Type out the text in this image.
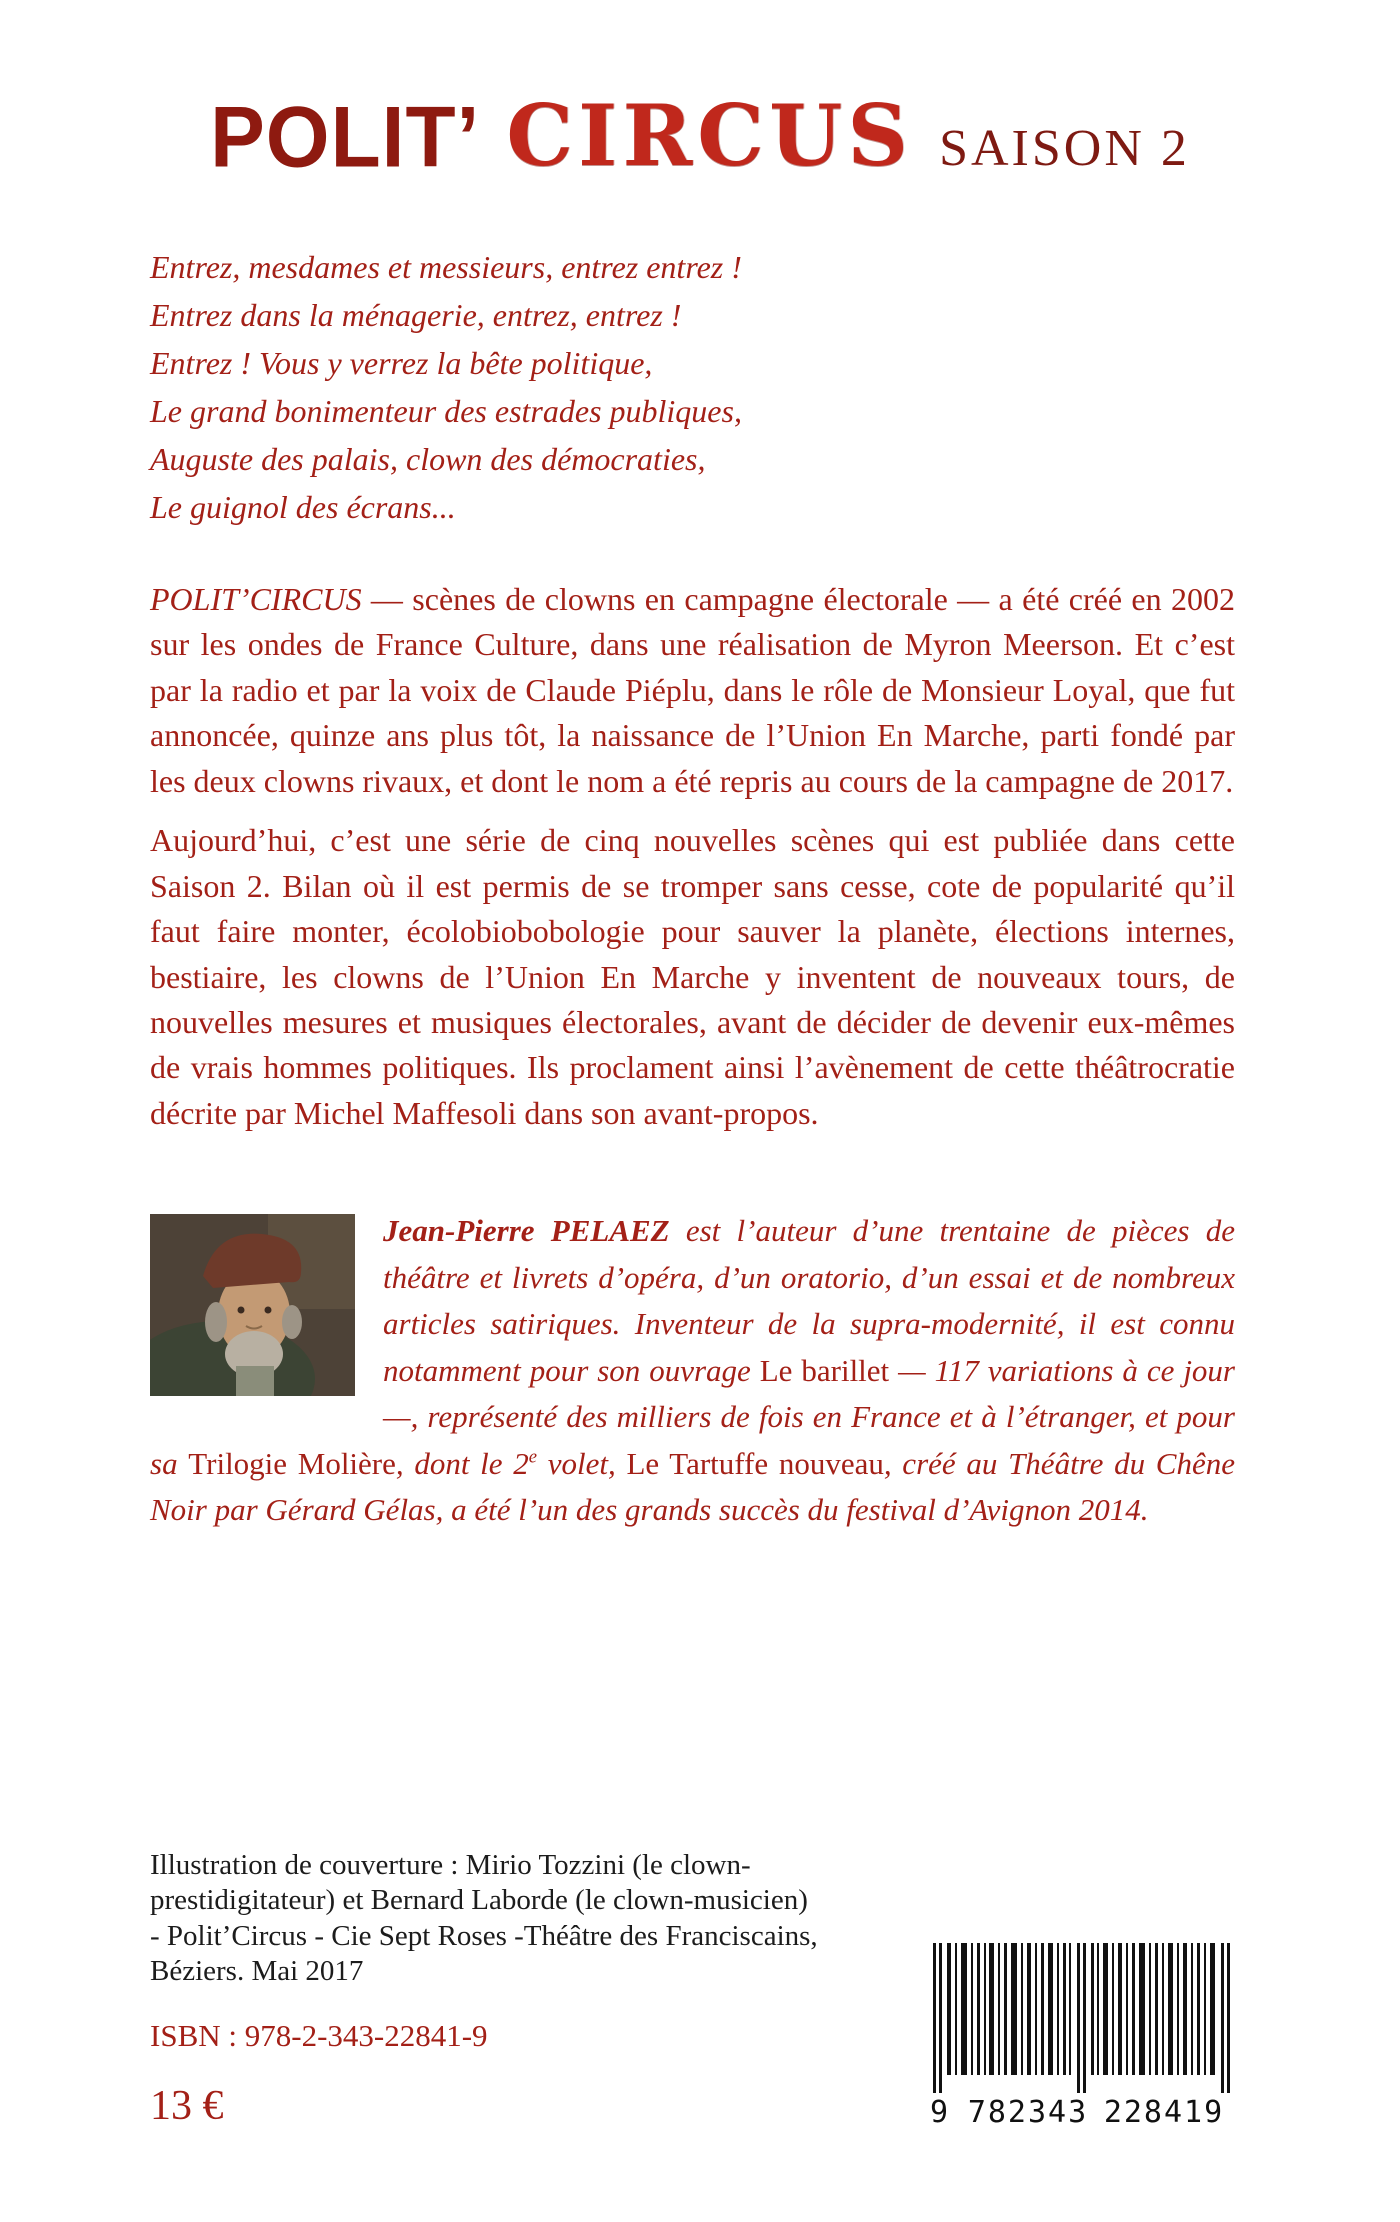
POLIT’ CIRCUS SAISON 2
Entrez, mesdames et messieurs, entrez entrez !
Entrez dans la ménagerie, entrez, entrez !
Entrez ! Vous y verrez la bête politique,
Le grand bonimenteur des estrades publiques,
Auguste des palais, clown des démocraties,
Le guignol des écrans...

POLIT’CIRCUS — scènes de clowns en campagne électorale — a été créé en 2002 sur les ondes de France Culture, dans une réalisation de Myron Meerson. Et c’est par la radio et par la voix de Claude Piéplu, dans le rôle de Monsieur Loyal, que fut annoncée, quinze ans plus tôt, la naissance de l’Union En Marche, parti fondé par les deux clowns rivaux, et dont le nom a été repris au cours de la campagne de 2017.

Aujourd’hui, c’est une série de cinq nouvelles scènes qui est publiée dans cette Saison 2. Bilan où il est permis de se tromper sans cesse, cote de popularité qu’il faut faire monter, écolobiobobologie pour sauver la planète, élections internes, bestiaire, les clowns de l’Union En Marche y inventent de nouveaux tours, de nouvelles mesures et musiques électorales, avant de décider de devenir eux-mêmes de vrais hommes politiques. Ils proclament ainsi l’avènement de cette théâtrocratie décrite par Michel Maffesoli dans son avant-propos.

Jean-Pierre PELAEZ est l’auteur d’une trentaine de pièces de théâtre et livrets d’opéra, d’un oratorio, d’un essai et de nombreux articles satiriques. Inventeur de la supra-modernité, il est connu notamment pour son ouvrage Le barillet — 117 variations à ce jour —, représenté des milliers de fois en France et à l’étranger, et pour sa Trilogie Molière, dont le 2e volet, Le Tartuffe nouveau, créé au Théâtre du Chêne Noir par Gérard Gélas, a été l’un des grands succès du festival d’Avignon 2014.
Illustration de couverture : Mirio Tozzini (le clown-
prestidigitateur) et Bernard Laborde (le clown-musicien)
- Polit’Circus - Cie Sept Roses -Théâtre des Franciscains,
Béziers. Mai 2017
ISBN : 978-2-343-22841-9
13 €	9 782343 228419
